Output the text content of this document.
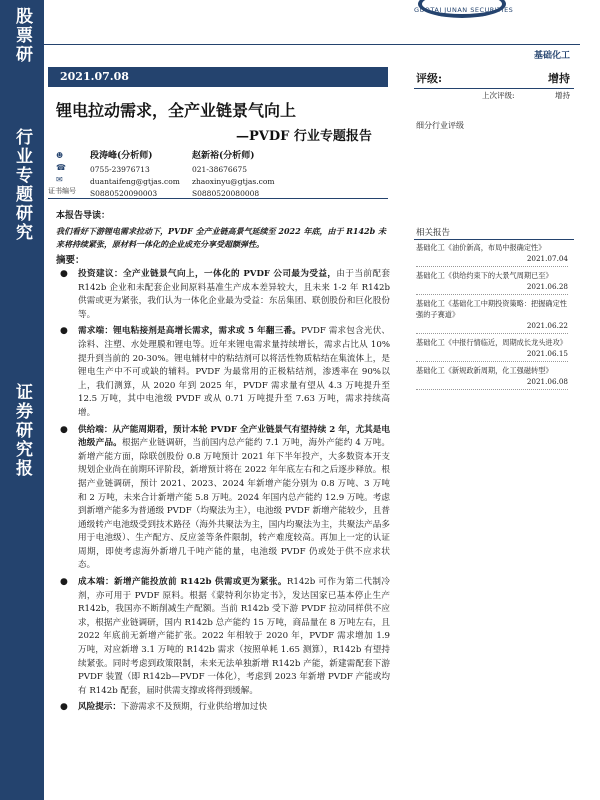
股票研
行业专题研究
证券研究报
GUOTAI JUNAN SECURITIES
基础化工
2021.07.08
锂电拉动需求，全产业链景气向上
—PVDF 行业专题报告
☻
☎
✉
段涛峰(分析师)
0755-23976713
duantaifeng@gtjas.com
S0880520090003
赵新裕(分析师)
021-38676675
zhaoxinyu@gtjas.com
S0880520080008
证书编号
本报告导读：
我们看好下游锂电需求拉动下，PVDF 全产业链高景气延续至 2022 年底，由于 R142b 未来将持续紧张，原材料一体化的企业成充分享受超额弹性。
摘要：
● 投资建议：全产业链景气向上，一体化的 PVDF 公司最为受益，由于当前配套 R142b 企业和未配套企业间原料基准生产成本差异较大，且未来 1-2 年 R142b 供需或更为紧张，我们认为一体化企业最为受益：东岳集团、联创股份和巨化股份等。
● 需求端：锂电粘接剂是高增长需求，需求或 5 年翻三番。PVDF 需求包含光伏、涂料、注塑、水处理膜和锂电等。近年来锂电需求量持续增长，需求占比从 10%提升到当前的 20-30%。锂电辅材中的粘结剂可以将活性物质粘结在集流体上，是锂电生产中不可或缺的辅料。PVDF 为最常用的正极粘结剂，渗透率在 90%以上，我们测算，从 2020 年到 2025 年，PVDF 需求量有望从 4.3 万吨提升至 12.5 万吨，其中电池级 PVDF 或从 0.71 万吨提升至 7.63 万吨，需求持续高增。
● 供给端：从产能周期看，预计本轮 PVDF 全产业链景气有望持续 2 年，尤其是电池级产品。根据产业链调研，当前国内总产能约 7.1 万吨，海外产能约 4 万吨。新增产能方面，除联创股份 0.8 万吨预计 2021 年下半年投产，大多数资本开支规划企业尚在前期环评阶段，新增预计将在 2022 年年底左右和之后逐步释放。根据产业链调研，预计 2021、2023、2024 年新增产能分别为 0.8 万吨、3 万吨和 2 万吨，未来合计新增产能 5.8 万吨。2024 年国内总产能约 12.9 万吨。考虑到新增产能多为普通级 PVDF（均聚法为主），电池级 PVDF 新增产能较少，且普通级转产电池级受到技术路径（海外共聚法为主，国内均聚法为主，共聚法产品多用于电池级）、生产配方、反应釜等条件限制，转产难度较高。再加上一定的认证周期，即使考虑海外新增几千吨产能的量，电池级 PVDF 仍或处于供不应求状态。
● 成本端：新增产能投放前 R142b 供需或更为紧张。R142b 可作为第二代制冷剂，亦可用于 PVDF 原料。根据《蒙特利尔协定书》，发达国家已基本停止生产 R142b，我国亦不断削减生产配额。当前 R142b 受下游 PVDF 拉动同样供不应求，根据产业链调研，国内 R142b 总产能约 15 万吨，商品量在 8 万吨左右，且 2022 年底前无新增产能扩张。2022 年相较于 2020 年，PVDF 需求增加 1.9 万吨，对应新增 3.1 万吨的 R142b 需求（按照单耗 1.65 测算），R142b 有望持续紧张。同时考虑到政策限制，未来无法单独新增 R142b 产能，新建需配套下游 PVDF 装置（即 R142b—PVDF 一体化），考虑到 2023 年新增 PVDF 产能或均有 R142b 配套，届时供需支撑或将得到缓解。
● 风险提示：下游需求不及预期，行业供给增加过快
评级:	增持
上次评级:	增持
细分行业评级
相关报告
基础化工《油价新高，布局中报确定性》
2021.07.04
基础化工《供给约束下的大景气周期已至》
2021.06.28
基础化工《基础化工中期投资策略：把握确定性强的子赛道》
2021.06.22
基础化工《中报行情临近，周期成长龙头进攻》
2021.06.15
基础化工《新规政新周期，化工强磁转型》
2021.06.08
